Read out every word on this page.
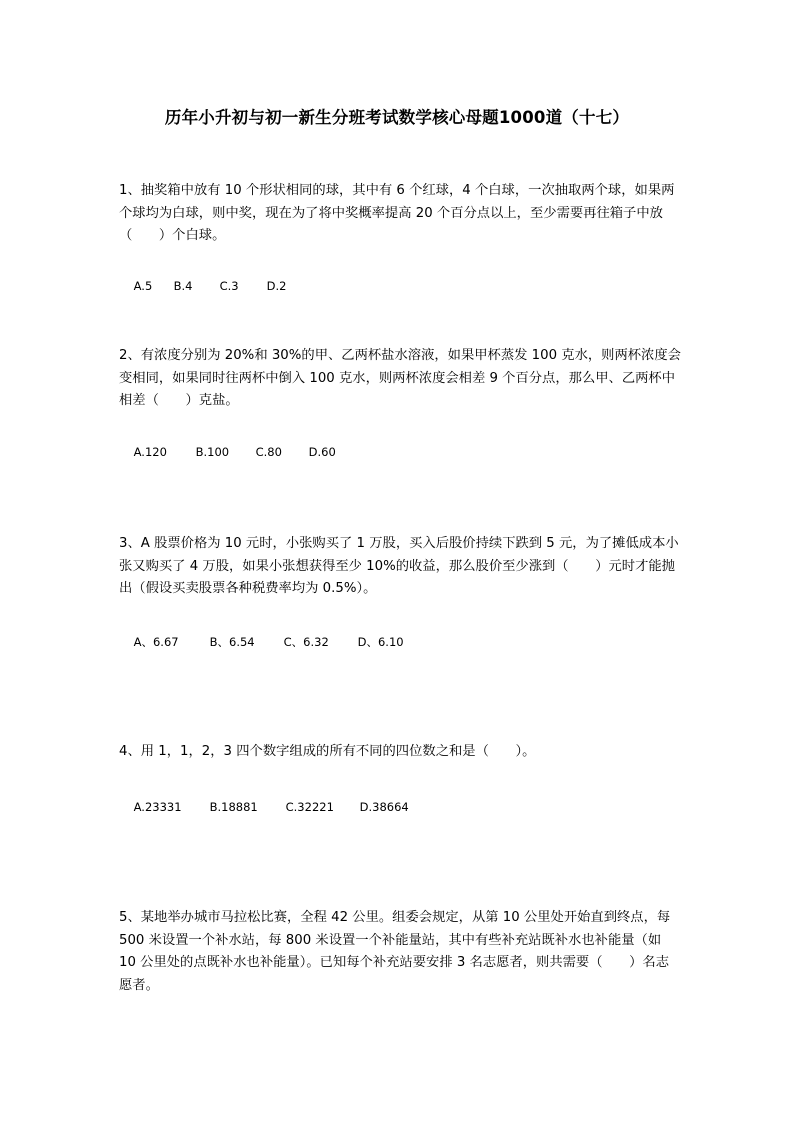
历年小升初与初一新生分班考试数学核心母题1000道（十七）
1、抽奖箱中放有 10 个形状相同的球，其中有 6 个红球，4 个白球，一次抽取两个球，如果两个球均为白球，则中奖，现在为了将中奖概率提高 20 个百分点以上，至少需要再往箱子中放（　　）个白球。

A.5 B.4 C.3 D.2

2、有浓度分别为 20%和 30%的甲、乙两杯盐水溶液，如果甲杯蒸发 100 克水，则两杯浓度会变相同，如果同时往两杯中倒入 100 克水，则两杯浓度会相差 9 个百分点，那么甲、乙两杯中相差（　　）克盐。

A.120 B.100 C.80 D.60

3、A 股票价格为 10 元时，小张购买了 1 万股，买入后股价持续下跌到 5 元，为了摊低成本小张又购买了 4 万股，如果小张想获得至少 10%的收益，那么股价至少涨到（　　）元时才能抛出（假设买卖股票各种税费率均为 0.5%）。

A、6.67	B、6.54	C、6.32	D、6.10

4、用 1，1，2，3 四个数字组成的所有不同的四位数之和是（　　）。

A.23331 B.18881 C.32221 D.38664

5、某地举办城市马拉松比赛，全程 42 公里。组委会规定，从第 10 公里处开始直到终点，每 500 米设置一个补水站，每 800 米设置一个补能量站，其中有些补充站既补水也补能量（如 10 公里处的点既补水也补能量）。已知每个补充站要安排 3 名志愿者，则共需要（　　）名志愿者。
